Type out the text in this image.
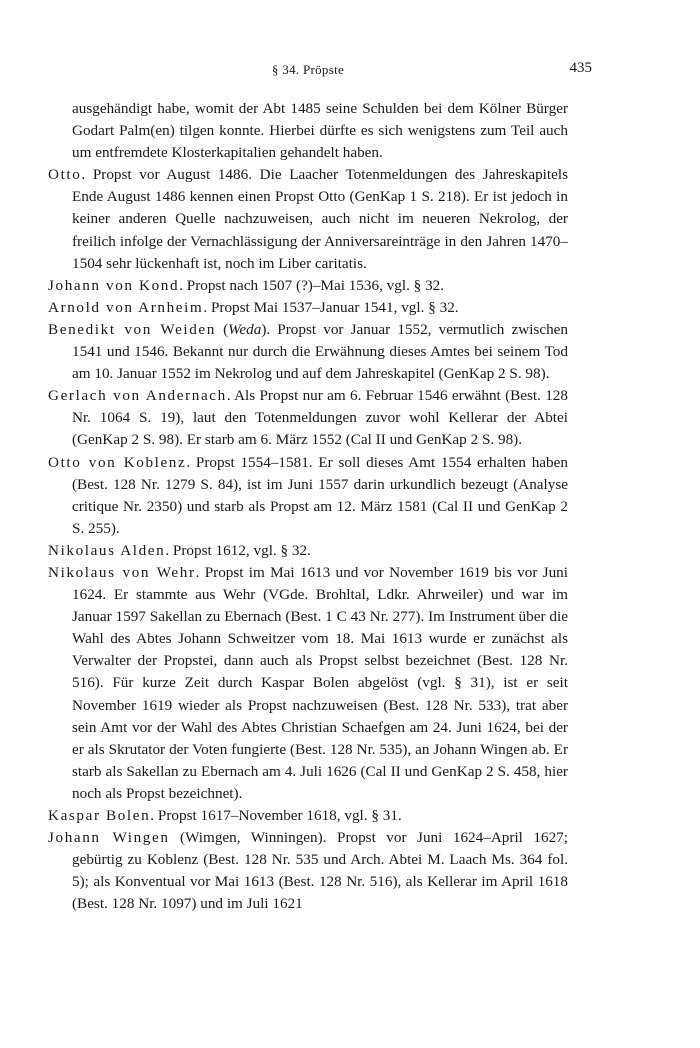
§ 34. Pröpste	435

ausgehändigt habe, womit der Abt 1485 seine Schulden bei dem Kölner Bürger Godart Palm(en) tilgen konnte. Hierbei dürfte es sich wenigstens zum Teil auch um entfremdete Klosterkapitalien gehandelt haben.

Otto. Propst vor August 1486. Die Laacher Totenmeldungen des Jahreskapitels Ende August 1486 kennen einen Propst Otto (GenKap 1 S. 218). Er ist jedoch in keiner anderen Quelle nachzuweisen, auch nicht im neueren Nekrolog, der freilich infolge der Vernachlässigung der Anniversareinträge in den Jahren 1470–1504 sehr lückenhaft ist, noch im Liber caritatis.

Johann von Kond. Propst nach 1507 (?)–Mai 1536, vgl. § 32.

Arnold von Arnheim. Propst Mai 1537–Januar 1541, vgl. § 32.

Benedikt von Weiden (Weda). Propst vor Januar 1552, vermutlich zwischen 1541 und 1546. Bekannt nur durch die Erwähnung dieses Amtes bei seinem Tod am 10. Januar 1552 im Nekrolog und auf dem Jahreskapitel (GenKap 2 S. 98).

Gerlach von Andernach. Als Propst nur am 6. Februar 1546 erwähnt (Best. 128 Nr. 1064 S. 19), laut den Totenmeldungen zuvor wohl Kellerar der Abtei (GenKap 2 S. 98). Er starb am 6. März 1552 (Cal II und GenKap 2 S. 98).

Otto von Koblenz. Propst 1554–1581. Er soll dieses Amt 1554 erhalten haben (Best. 128 Nr. 1279 S. 84), ist im Juni 1557 darin urkundlich bezeugt (Analyse critique Nr. 2350) und starb als Propst am 12. März 1581 (Cal II und GenKap 2 S. 255).

Nikolaus Alden. Propst 1612, vgl. § 32.

Nikolaus von Wehr. Propst im Mai 1613 und vor November 1619 bis vor Juni 1624. Er stammte aus Wehr (VGde. Brohltal, Ldkr. Ahrweiler) und war im Januar 1597 Sakellan zu Ebernach (Best. 1 C 43 Nr. 277). Im Instrument über die Wahl des Abtes Johann Schweitzer vom 18. Mai 1613 wurde er zunächst als Verwalter der Propstei, dann auch als Propst selbst bezeichnet (Best. 128 Nr. 516). Für kurze Zeit durch Kaspar Bolen abgelöst (vgl. § 31), ist er seit November 1619 wieder als Propst nachzuweisen (Best. 128 Nr. 533), trat aber sein Amt vor der Wahl des Abtes Christian Schaefgen am 24. Juni 1624, bei der er als Skrutator der Voten fungierte (Best. 128 Nr. 535), an Johann Wingen ab. Er starb als Sakellan zu Ebernach am 4. Juli 1626 (Cal II und GenKap 2 S. 458, hier noch als Propst bezeichnet).

Kaspar Bolen. Propst 1617–November 1618, vgl. § 31.

Johann Wingen (Wimgen, Winningen). Propst vor Juni 1624–April 1627; gebürtig zu Koblenz (Best. 128 Nr. 535 und Arch. Abtei M. Laach Ms. 364 fol. 5); als Konventual vor Mai 1613 (Best. 128 Nr. 516), als Kellerar im April 1618 (Best. 128 Nr. 1097) und im Juli 1621
